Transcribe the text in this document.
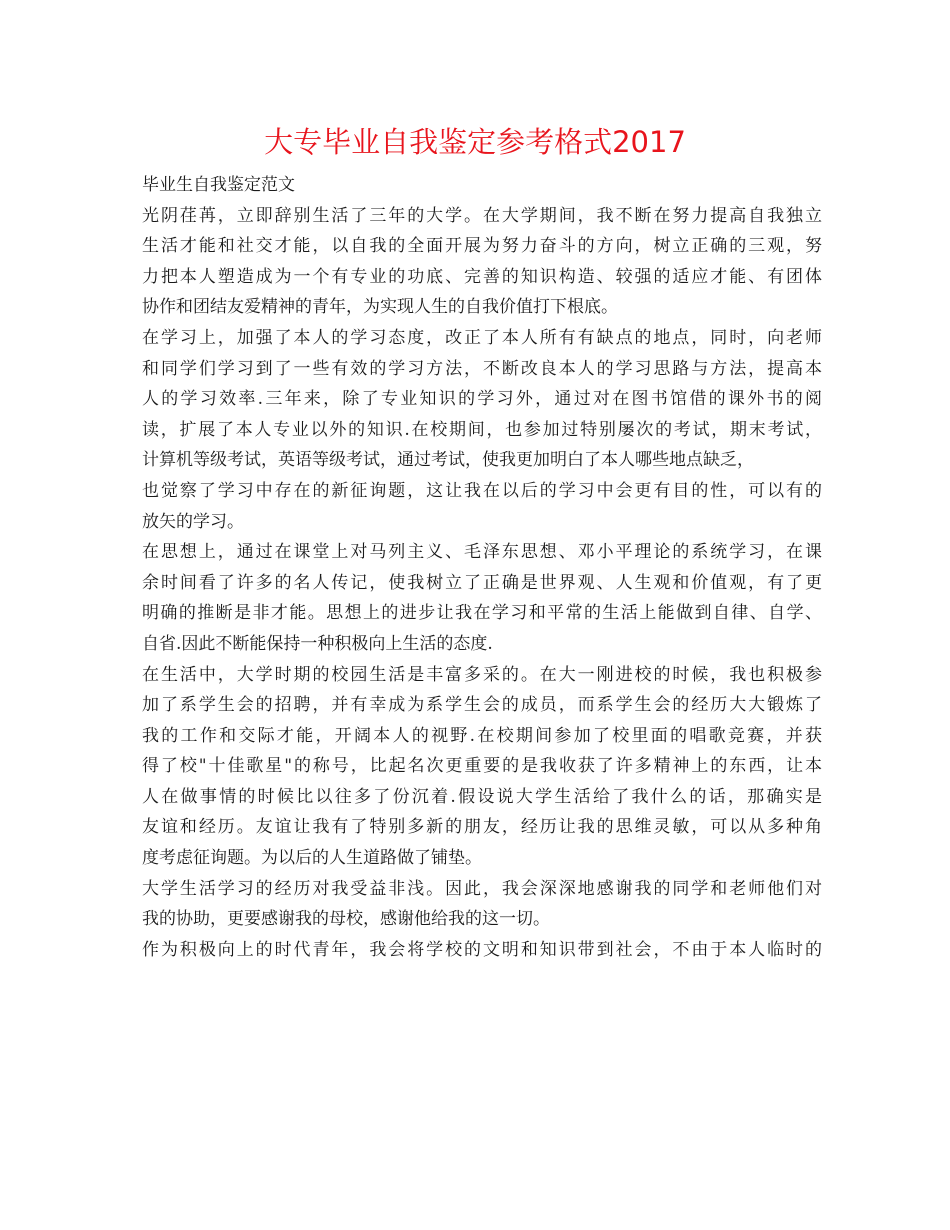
大专毕业自我鉴定参考格式2017
毕业生自我鉴定范文
光阴荏苒，立即辞别生活了三年的大学。在大学期间，我不断在努力提高自我独立
生活才能和社交才能，以自我的全面开展为努力奋斗的方向，树立正确的三观，努
力把本人塑造成为一个有专业的功底、完善的知识构造、较强的适应才能、有团体
协作和团结友爱精神的青年，为实现人生的自我价值打下根底。
在学习上，加强了本人的学习态度，改正了本人所有有缺点的地点，同时，向老师
和同学们学习到了一些有效的学习方法，不断改良本人的学习思路与方法，提高本
人的学习效率.三年来，除了专业知识的学习外，通过对在图书馆借的课外书的阅
读，扩展了本人专业以外的知识.在校期间，也参加过特别屡次的考试，期末考试，
计算机等级考试，英语等级考试，通过考试，使我更加明白了本人哪些地点缺乏，
也觉察了学习中存在的新征询题，这让我在以后的学习中会更有目的性，可以有的
放矢的学习。
在思想上，通过在课堂上对马列主义、毛泽东思想、邓小平理论的系统学习，在课
余时间看了许多的名人传记，使我树立了正确是世界观、人生观和价值观，有了更
明确的推断是非才能。思想上的进步让我在学习和平常的生活上能做到自律、自学、
自省.因此不断能保持一种积极向上生活的态度.
在生活中，大学时期的校园生活是丰富多采的。在大一刚进校的时候，我也积极参
加了系学生会的招聘，并有幸成为系学生会的成员，而系学生会的经历大大锻炼了
我的工作和交际才能，开阔本人的视野.在校期间参加了校里面的唱歌竞赛，并获
得了校"十佳歌星"的称号，比起名次更重要的是我收获了许多精神上的东西，让本
人在做事情的时候比以往多了份沉着.假设说大学生活给了我什么的话，那确实是
友谊和经历。友谊让我有了特别多新的朋友，经历让我的思维灵敏，可以从多种角
度考虑征询题。为以后的人生道路做了铺垫。
大学生活学习的经历对我受益非浅。因此，我会深深地感谢我的同学和老师他们对
我的协助，更要感谢我的母校，感谢他给我的这一切。
作为积极向上的时代青年，我会将学校的文明和知识带到社会，不由于本人临时的
